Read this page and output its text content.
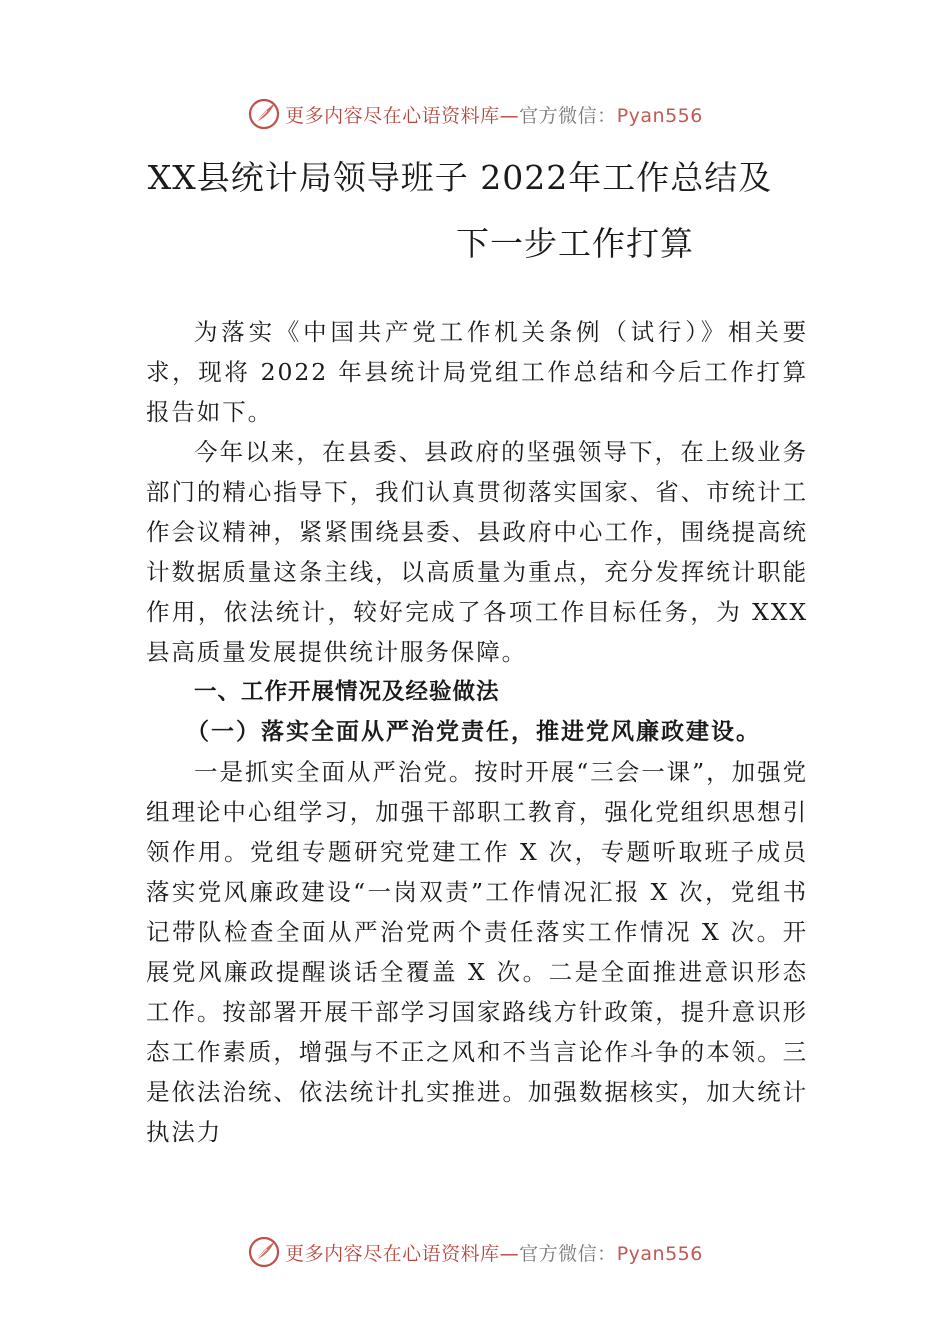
更多内容尽在心语资料库—官方微信：Pyan556
XX县统计局领导班子 2022年工作总结及
下一步工作打算

为落实《中国共产党工作机关条例（试行）》相关要求，现将 2022 年县统计局党组工作总结和今后工作打算报告如下。

今年以来，在县委、县政府的坚强领导下，在上级业务部门的精心指导下，我们认真贯彻落实国家、省、市统计工作会议精神，紧紧围绕县委、县政府中心工作，围绕提高统计数据质量这条主线，以高质量为重点，充分发挥统计职能作用，依法统计，较好完成了各项工作目标任务，为 XXX 县高质量发展提供统计服务保障。

一、工作开展情况及经验做法

（一）落实全面从严治党责任，推进党风廉政建设。

一是抓实全面从严治党。按时开展“三会一课”，加强党组理论中心组学习，加强干部职工教育，强化党组织思想引领作用。党组专题研究党建工作 X 次，专题听取班子成员落实党风廉政建设“一岗双责”工作情况汇报 X 次，党组书记带队检查全面从严治党两个责任落实工作情况 X 次。开展党风廉政提醒谈话全覆盖 X 次。二是全面推进意识形态工作。按部署开展干部学习国家路线方针政策，提升意识形态工作素质，增强与不正之风和不当言论作斗争的本领。三是依法治统、依法统计扎实推进。加强数据核实，加大统计执法力

更多内容尽在心语资料库—官方微信：Pyan556
